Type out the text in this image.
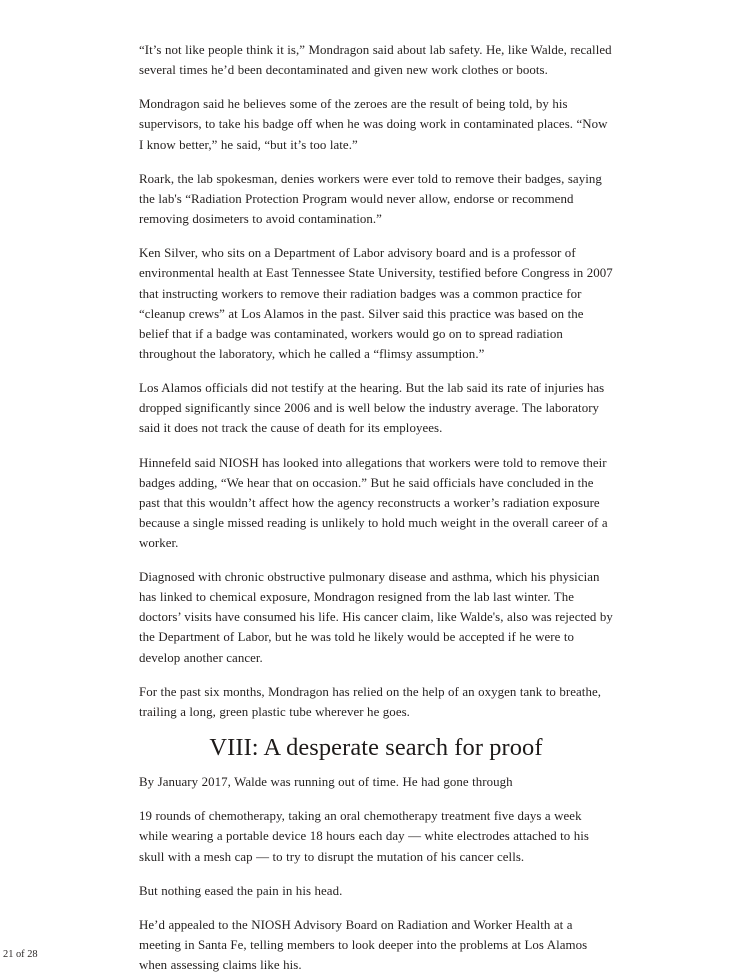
“It’s not like people think it is,” Mondragon said about lab safety. He, like Walde, recalled several times he’d been decontaminated and given new work clothes or boots.

Mondragon said he believes some of the zeroes are the result of being told, by his supervisors, to take his badge off when he was doing work in contaminated places. “Now I know better,” he said, “but it’s too late.”

Roark, the lab spokesman, denies workers were ever told to remove their badges, saying the lab's “Radiation Protection Program would never allow, endorse or recommend removing dosimeters to avoid contamination.”

Ken Silver, who sits on a Department of Labor advisory board and is a professor of environmental health at East Tennessee State University, testified before Congress in 2007 that instructing workers to remove their radiation badges was a common practice for “cleanup crews” at Los Alamos in the past. Silver said this practice was based on the belief that if a badge was contaminated, workers would go on to spread radiation throughout the laboratory, which he called a “flimsy assumption.”

Los Alamos officials did not testify at the hearing. But the lab said its rate of injuries has dropped significantly since 2006 and is well below the industry average. The laboratory said it does not track the cause of death for its employees.

Hinnefeld said NIOSH has looked into allegations that workers were told to remove their badges adding, “We hear that on occasion.” But he said officials have concluded in the past that this wouldn’t affect how the agency reconstructs a worker’s radiation exposure because a single missed reading is unlikely to hold much weight in the overall career of a worker.

Diagnosed with chronic obstructive pulmonary disease and asthma, which his physician has linked to chemical exposure, Mondragon resigned from the lab last winter. The doctors’ visits have consumed his life. His cancer claim, like Walde's, also was rejected by the Department of Labor, but he was told he likely would be accepted if he were to develop another cancer.

For the past six months, Mondragon has relied on the help of an oxygen tank to breathe, trailing a long, green plastic tube wherever he goes.

VIII: A desperate search for proof

By January 2017, Walde was running out of time. He had gone through

19 rounds of chemotherapy, taking an oral chemotherapy treatment five days a week while wearing a portable device 18 hours each day — white electrodes attached to his skull with a mesh cap — to try to disrupt the mutation of his cancer cells.

But nothing eased the pain in his head.

He’d appealed to the NIOSH Advisory Board on Radiation and Worker Health at a meeting in Santa Fe, telling members to look deeper into the problems at Los Alamos when assessing claims like his.

21 of 28
